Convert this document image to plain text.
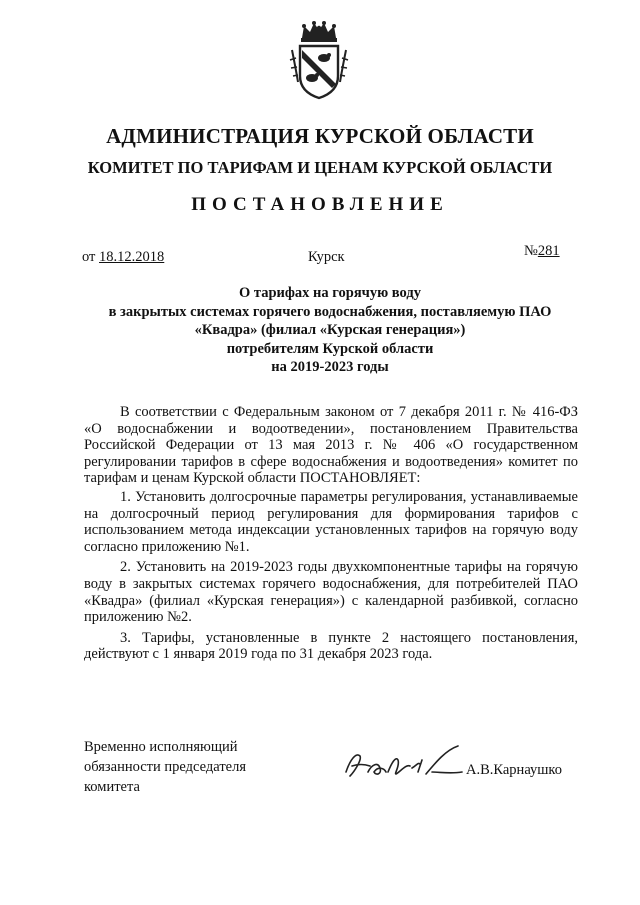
АДМИНИСТРАЦИЯ КУРСКОЙ ОБЛАСТИ
КОМИТЕТ ПО ТАРИФАМ И ЦЕНАМ КУРСКОЙ ОБЛАСТИ
ПОСТАНОВЛЕНИЕ
от 18.12.2018	Курск	№281
О тарифах на горячую воду
в закрытых системах горячего водоснабжения, поставляемую ПАО
«Квадра» (филиал «Курская генерация»)
потребителям Курской области
на 2019-2023 годы

В соответствии с Федеральным законом от 7 декабря 2011 г. № 416-ФЗ «О водоснабжении и водоотведении», постановлением Правительства Российской Федерации от 13 мая 2013 г. № 406 «О государственном регулировании тарифов в сфере водоснабжения и водоотведения» комитет по тарифам и ценам Курской области ПОСТАНОВЛЯЕТ:

1. Установить долгосрочные параметры регулирования, устанавливаемые на долгосрочный период регулирования для формирования тарифов с использованием метода индексации установленных тарифов на горячую воду согласно приложению №1.

2. Установить на 2019-2023 годы двухкомпонентные тарифы на горячую воду в закрытых системах горячего водоснабжения, для потребителей ПАО «Квадра» (филиал «Курская генерация») с календарной разбивкой, согласно приложению №2.

3. Тарифы, установленные в пункте 2 настоящего постановления, действуют с 1 января 2019 года по 31 декабря 2023 года.

Временно исполняющий
обязанности председателя
комитета
А.В.Карнаушко
